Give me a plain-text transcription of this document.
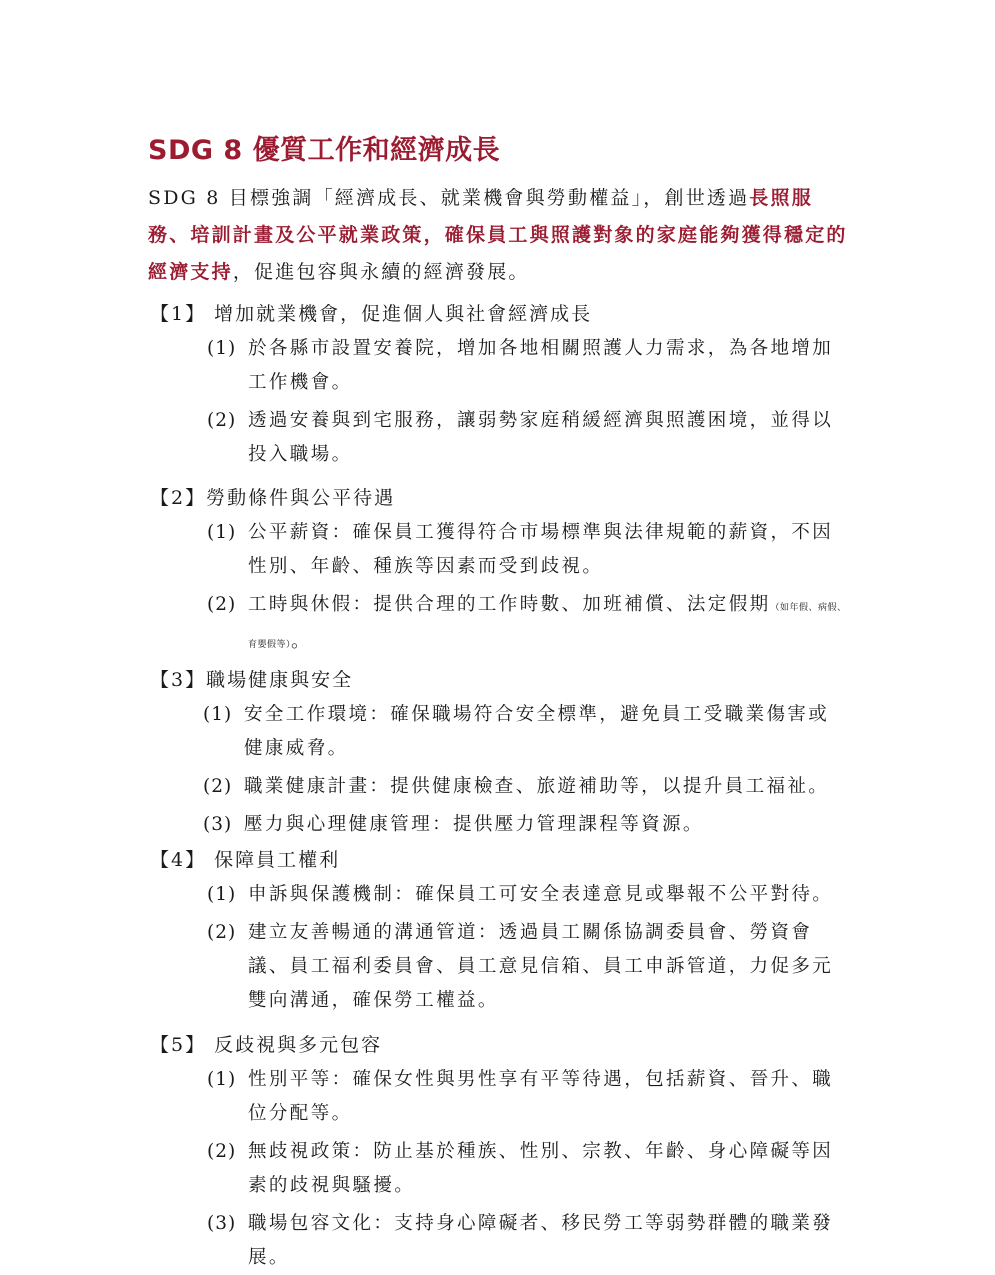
SDG 8 優質工作和經濟成長
SDG 8 目標強調「經濟成長、就業機會與勞動權益」，創世透過長照服務、培訓計畫及公平就業政策，確保員工與照護對象的家庭能夠獲得穩定的經濟支持，促進包容與永續的經濟發展。
【1】 增加就業機會，促進個人與社會經濟成長
(1) 於各縣市設置安養院，增加各地相關照護人力需求，為各地增加工作機會。
(2) 透過安養與到宅服務，讓弱勢家庭稍緩經濟與照護困境，並得以投入職場。
【2】勞動條件與公平待遇
(1) 公平薪資：確保員工獲得符合市場標準與法律規範的薪資，不因性別、年齡、種族等因素而受到歧視。
(2) 工時與休假：提供合理的工作時數、加班補償、法定假期（如年假、病假、育嬰假等）。
【3】職場健康與安全
(1) 安全工作環境：確保職場符合安全標準，避免員工受職業傷害或健康威脅。
(2) 職業健康計畫：提供健康檢查、旅遊補助等，以提升員工福祉。
(3) 壓力與心理健康管理：提供壓力管理課程等資源。
【4】 保障員工權利
(1) 申訴與保護機制：確保員工可安全表達意見或舉報不公平對待。
(2) 建立友善暢通的溝通管道：透過員工關係協調委員會、勞資會議、員工福利委員會、員工意見信箱、員工申訴管道，力促多元雙向溝通，確保勞工權益。
【5】 反歧視與多元包容
(1) 性別平等：確保女性與男性享有平等待遇，包括薪資、晉升、職位分配等。
(2) 無歧視政策：防止基於種族、性別、宗教、年齡、身心障礙等因素的歧視與騷擾。
(3) 職場包容文化：支持身心障礙者、移民勞工等弱勢群體的職業發展。
